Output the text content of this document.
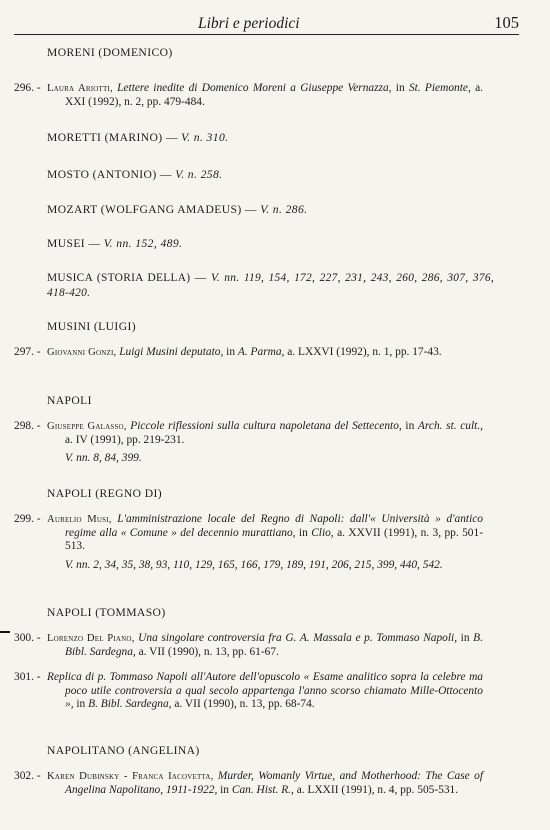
Libri e periodici	105
MORENI (DOMENICO)
296. - Laura Ariotti, Lettere inedite di Domenico Moreni a Giuseppe Vernazza, in St. Piemonte, a. XXI (1992), n. 2, pp. 479-484.
MORETTI (MARINO) — V. n. 310.
MOSTO (ANTONIO) — V. n. 258.
MOZART (WOLFGANG AMADEUS) — V. n. 286.
MUSEI — V. nn. 152, 489.
MUSICA (STORIA DELLA) — V. nn. 119, 154, 172, 227, 231, 243, 260, 286, 307, 376, 418-420.
MUSINI (LUIGI)
297. - Giovanni Gonzi, Luigi Musini deputato, in A. Parma, a. LXXVI (1992), n. 1, pp. 17-43.
NAPOLI
298. - Giuseppe Galasso, Piccole riflessioni sulla cultura napoletana del Settecento, in Arch. st. cult., a. IV (1991), pp. 219-231.
V. nn. 8, 84, 399.
NAPOLI (REGNO DI)
299. - Aurelio Musi, L'amministrazione locale del Regno di Napoli: dall'« Università » d'antico regime alla « Comune » del decennio murattiano, in Clio, a. XXVII (1991), n. 3, pp. 501-513.
V. nn. 2, 34, 35, 38, 93, 110, 129, 165, 166, 179, 189, 191, 206, 215, 399, 440, 542.
NAPOLI (TOMMASO)
300. - Lorenzo Del Piano, Una singolare controversia fra G. A. Massala e p. Tommaso Napoli, in B. Bibl. Sardegna, a. VII (1990), n. 13, pp. 61-67.
301. - Replica di p. Tommaso Napoli all'Autore dell'opuscolo « Esame analitico sopra la celebre ma poco utile controversia a qual secolo appartenga l'anno scorso chiamato Mille-Ottocento », in B. Bibl. Sardegna, a. VII (1990), n. 13, pp. 68-74.
NAPOLITANO (ANGELINA)
302. - Karen Dubinsky - Franca Iacovetta, Murder, Womanly Virtue, and Motherhood: The Case of Angelina Napolitano, 1911-1922, in Can. Hist. R., a. LXXII (1991), n. 4, pp. 505-531.
